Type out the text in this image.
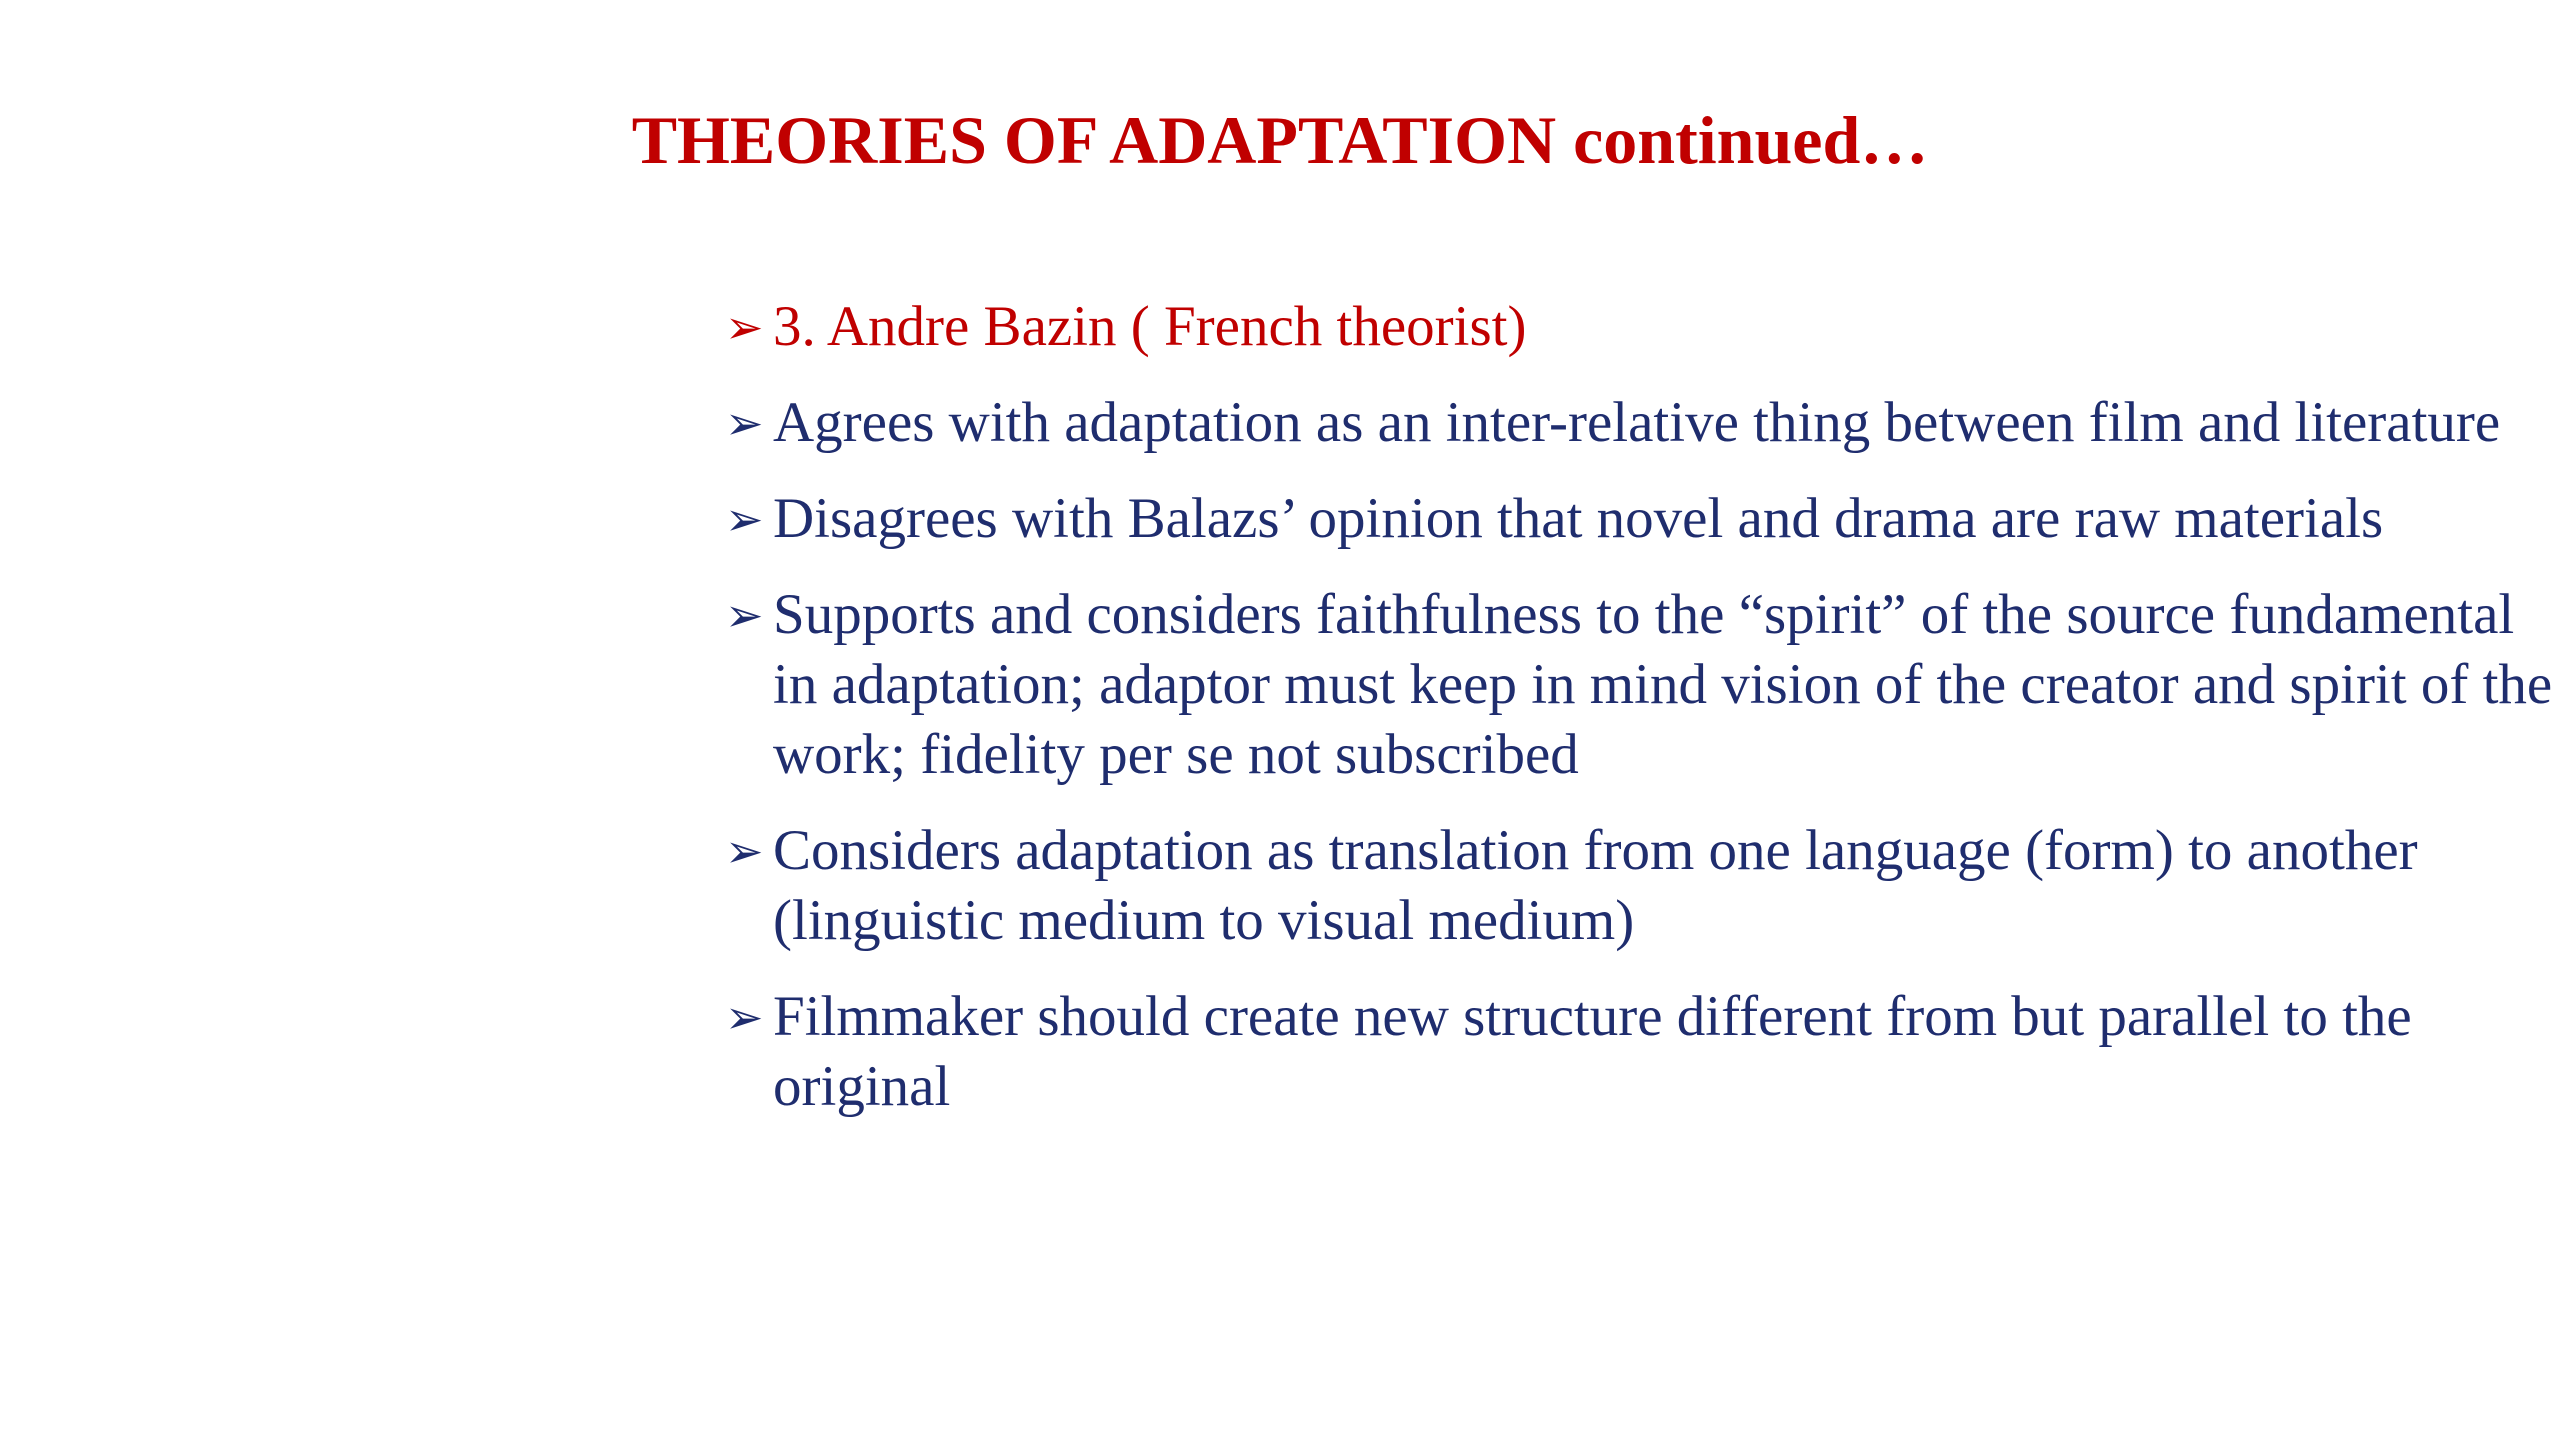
THEORIES OF ADAPTATION continued…
➢ 3. Andre Bazin ( French theorist)
➢ Agrees with adaptation as an inter-relative thing between film and literature
➢ Disagrees with Balazs’ opinion that novel and drama are raw materials
➢ Supports and considers faithfulness to the “spirit” of the source fundamental in adaptation; adaptor must keep in mind vision of the creator and spirit of the work; fidelity per se not subscribed
➢ Considers adaptation as translation from one language (form) to another (linguistic medium to visual medium)
➢ Filmmaker should create new structure different from but parallel to the original
